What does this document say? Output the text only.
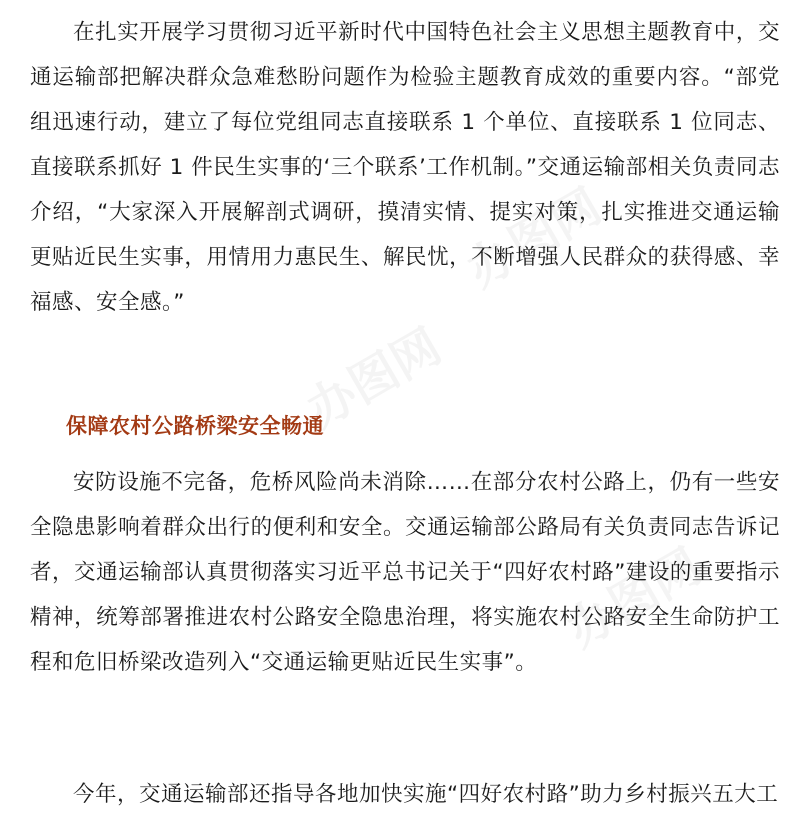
办图网
办图网
办图网

在扎实开展学习贯彻习近平新时代中国特色社会主义思想主题教育中，交通运输部把解决群众急难愁盼问题作为检验主题教育成效的重要内容。“部党组迅速行动，建立了每位党组同志直接联系 1 个单位、直接联系 1 位同志、直接联系抓好 1 件民生实事的‘三个联系’工作机制。”交通运输部相关负责同志介绍，“大家深入开展解剖式调研，摸清实情、提实对策，扎实推进交通运输更贴近民生实事，用情用力惠民生、解民忧，不断增强人民群众的获得感、幸福感、安全感。”

保障农村公路桥梁安全畅通

安防设施不完备，危桥风险尚未消除……在部分农村公路上，仍有一些安全隐患影响着群众出行的便利和安全。交通运输部公路局有关负责同志告诉记者，交通运输部认真贯彻落实习近平总书记关于“四好农村路”建设的重要指示精神，统筹部署推进农村公路安全隐患治理，将实施农村公路安全生命防护工程和危旧桥梁改造列入“交通运输更贴近民生实事”。

今年，交通运输部还指导各地加快实施“四好农村路”助力乡村振兴五大工
